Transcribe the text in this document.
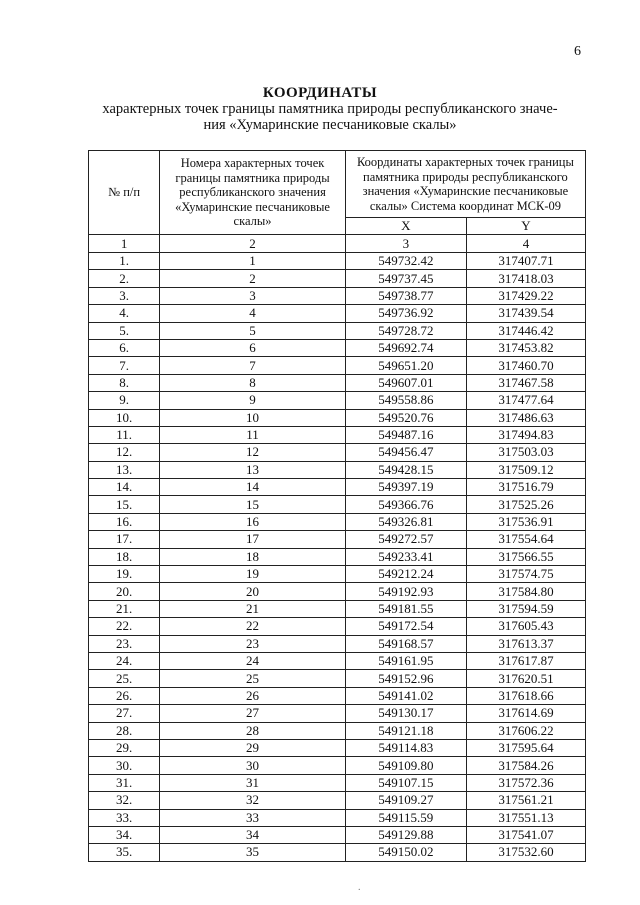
6
КООРДИНАТЫ
характерных точек границы памятника природы республиканского значе-
ния «Хумаринские песчаниковые скалы»
№ п/п	Номера характерных точек границы памятника природы республиканского значения «Хумаринские песчаниковые скалы»	Координаты характерных точек границы памятника природы республиканского значения «Хумаринские песчаниковые скалы» Система координат МСК-09	
		X	Y
1	2	3	4
1.	1	549732.42	317407.71
2.	2	549737.45	317418.03
3.	3	549738.77	317429.22
4.	4	549736.92	317439.54
5.	5	549728.72	317446.42
6.	6	549692.74	317453.82
7.	7	549651.20	317460.70
8.	8	549607.01	317467.58
9.	9	549558.86	317477.64
10.	10	549520.76	317486.63
11.	11	549487.16	317494.83
12.	12	549456.47	317503.03
13.	13	549428.15	317509.12
14.	14	549397.19	317516.79
15.	15	549366.76	317525.26
16.	16	549326.81	317536.91
17.	17	549272.57	317554.64
18.	18	549233.41	317566.55
19.	19	549212.24	317574.75
20.	20	549192.93	317584.80
21.	21	549181.55	317594.59
22.	22	549172.54	317605.43
23.	23	549168.57	317613.37
24.	24	549161.95	317617.87
25.	25	549152.96	317620.51
26.	26	549141.02	317618.66
27.	27	549130.17	317614.69
28.	28	549121.18	317606.22
29.	29	549114.83	317595.64
30.	30	549109.80	317584.26
31.	31	549107.15	317572.36
32.	32	549109.27	317561.21
33.	33	549115.59	317551.13
34.	34	549129.88	317541.07
35.	35	549150.02	317532.60
.
